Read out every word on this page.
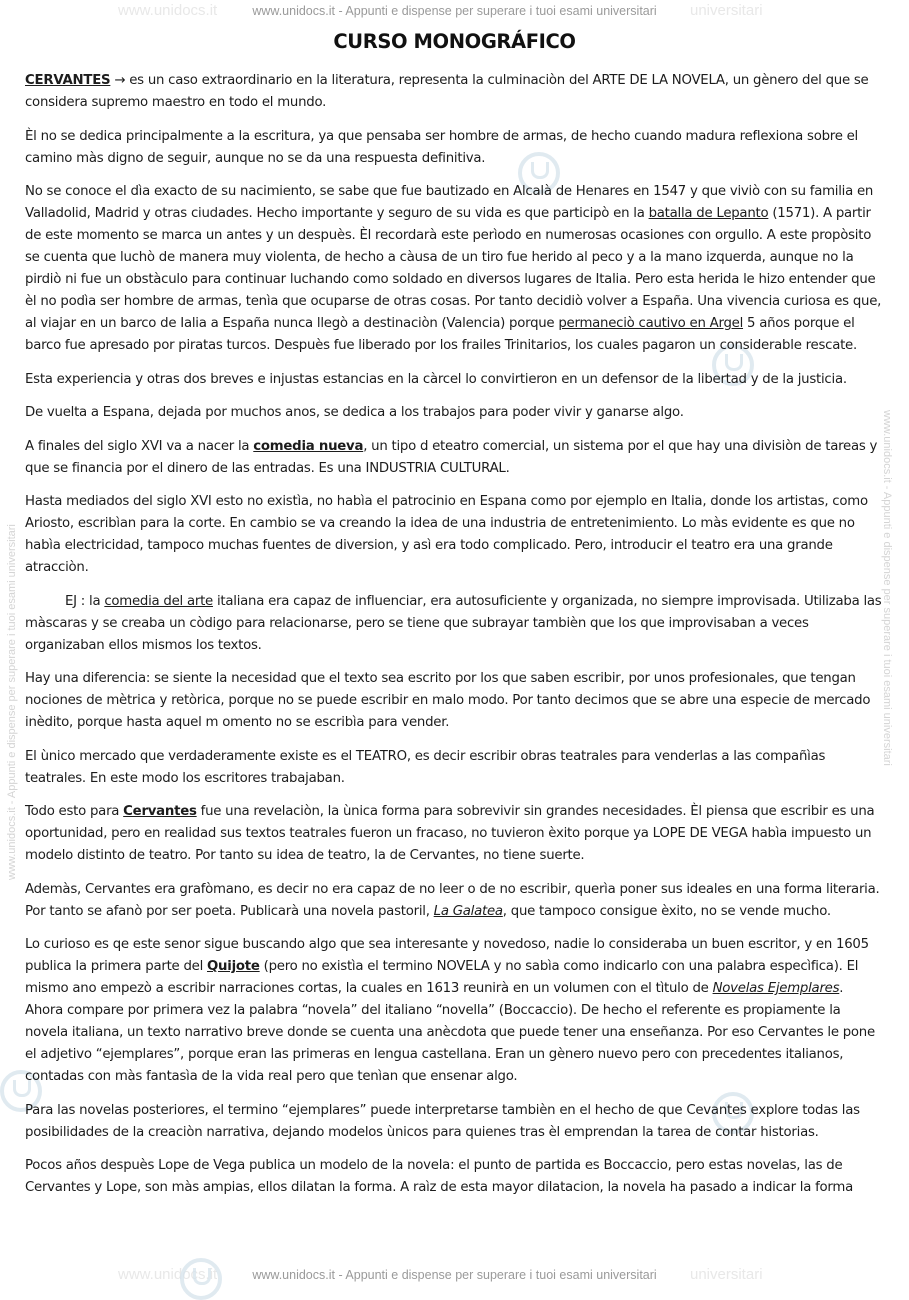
www.unidocs.it	universitari
www.unidocs.it	universitari
www.unidocs.it - Appunti e dispense per superare i tuoi esami universitari
www.unidocs.it - Appunti e dispense per superare i tuoi esami universitari
www.unidocs.it - Appunti e dispense per superare i tuoi esami universitari
www.unidocs.it - Appunti e dispense per superare i tuoi esami universitari
CURSO MONOGRÁFICO

CERVANTES → es un caso extraordinario en la literatura, representa la culminaciòn del ARTE DE LA NOVELA, un gènero del que se considera supremo maestro en todo el mundo.

Èl no se dedica principalmente a la escritura, ya que pensaba ser hombre de armas, de hecho cuando madura reflexiona sobre el camino màs digno de seguir, aunque no se da una respuesta definitiva.

No se conoce el dìa exacto de su nacimiento, se sabe que fue bautizado en Alcalà de Henares en 1547 y que viviò con su familia en Valladolid, Madrid y otras ciudades. Hecho importante y seguro de su vida es que participò en la batalla de Lepanto (1571). A partir de este momento se marca un antes y un despuès. Èl recordarà este perìodo en numerosas ocasiones con orgullo. A este propòsito se cuenta que luchò de manera muy violenta, de hecho a càusa de un tiro fue herido al peco y a la mano izquerda, aunque no la pirdiò ni fue un obstàculo para continuar luchando como soldado en diversos lugares de Italia. Pero esta herida le hizo entender que èl no podìa ser hombre de armas, tenìa que ocuparse de otras cosas. Por tanto decidiò volver a España. Una vivencia curiosa es que, al viajar en un barco de Ialia a España nunca llegò a destinaciòn (Valencia) porque permaneciò cautivo en Argel 5 años porque el barco fue apresado por piratas turcos. Despuès fue liberado por los frailes Trinitarios, los cuales pagaron un considerable rescate.

Esta experiencia y otras dos breves e injustas estancias en la càrcel lo convirtieron en un defensor de la libertad y de la justicia.

De vuelta a Espana, dejada por muchos anos, se dedica a los trabajos para poder vivir y ganarse algo.

A finales del siglo XVI va a nacer la comedia nueva, un tipo d eteatro comercial, un sistema por el que hay una divisiòn de tareas y que se financia por el dinero de las entradas. Es una INDUSTRIA CULTURAL.

Hasta mediados del siglo XVI esto no existìa, no habìa el patrocinio en Espana como por ejemplo en Italia, donde los artistas, como Ariosto, escribìan para la corte. En cambio se va creando la idea de una industria de entretenimiento. Lo màs evidente es que no habìa electricidad, tampoco muchas fuentes de diversion, y asì era todo complicado. Pero, introducir el teatro era una grande atracciòn.

EJ : la comedia del arte italiana era capaz de influenciar, era autosuficiente y organizada, no siempre improvisada. Utilizaba las màscaras y se creaba un còdigo para relacionarse, pero se tiene que subrayar tambièn que los que improvisaban a veces organizaban ellos mismos los textos.

Hay una diferencia: se siente la necesidad que el texto sea escrito por los que saben escribir, por unos profesionales, que tengan nociones de mètrica y retòrica, porque no se puede escribir en malo modo. Por tanto decimos que se abre una especie de mercado inèdito, porque hasta aquel m omento no se escribìa para vender.

El ùnico mercado que verdaderamente existe es el TEATRO, es decir escribir obras teatrales para venderlas a las compañìas teatrales. En este modo los escritores trabajaban.

Todo esto para Cervantes fue una revelaciòn, la ùnica forma para sobrevivir sin grandes necesidades. Èl piensa que escribir es una oportunidad, pero en realidad sus textos teatrales fueron un fracaso, no tuvieron èxito porque ya LOPE DE VEGA habìa impuesto un modelo distinto de teatro. Por tanto su idea de teatro, la de Cervantes, no tiene suerte.

Ademàs, Cervantes era grafòmano, es decir no era capaz de no leer o de no escribir, querìa poner sus ideales en una forma literaria. Por tanto se afanò por ser poeta. Publicarà una novela pastoril, La Galatea, que tampoco consigue èxito, no se vende mucho.

Lo curioso es qe este senor sigue buscando algo que sea interesante y novedoso, nadie lo consideraba un buen escritor, y en 1605 publica la primera parte del Quijote (pero no existìa el termino NOVELA y no sabìa como indicarlo con una palabra especìfica). El mismo ano empezò a escribir narraciones cortas, la cuales en 1613 reunirà en un volumen con el tìtulo de Novelas Ejemplares. Ahora compare por primera vez la palabra “novela” del italiano “novella” (Boccaccio). De hecho el referente es propiamente la novela italiana, un texto narrativo breve donde se cuenta una anècdota que puede tener una enseñanza. Por eso Cervantes le pone el adjetivo “ejemplares”, porque eran las primeras en lengua castellana. Eran un gènero nuevo pero con precedentes italianos, contadas con màs fantasìa de la vida real pero que tenìan que ensenar algo.

Para las novelas posteriores, el termino “ejemplares” puede interpretarse tambièn en el hecho de que Cevantes explore todas las posibilidades de la creaciòn narrativa, dejando modelos ùnicos para quienes tras èl emprendan la tarea de contar historias.

Pocos años despuès Lope de Vega publica un modelo de la novela: el punto de partida es Boccaccio, pero estas novelas, las de Cervantes y Lope, son màs ampias, ellos dilatan la forma. A raìz de esta mayor dilatacion, la novela ha pasado a indicar la forma
